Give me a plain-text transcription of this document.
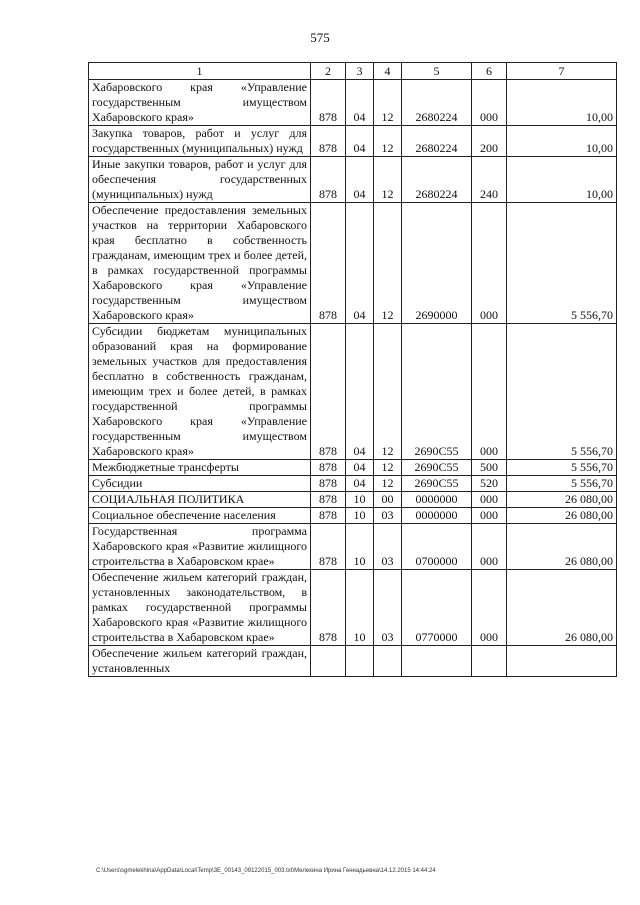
575
1	2	3	4	5	6	7
Хабаровского края «Управление государственным имуществом Хабаровского края»	878	04	12	2680224	000	10,00
Закупка товаров, работ и услуг для государственных (муниципальных) нужд	878	04	12	2680224	200	10,00
Иные закупки товаров, работ и услуг для обеспечения государственных (муниципальных) нужд	878	04	12	2680224	240	10,00
Обеспечение предоставления земельных участков на территории Хабаровского края бесплатно в собственность гражданам, имеющим трех и более детей, в рамках государственной программы Хабаровского края «Управление государственным имуществом Хабаровского края»	878	04	12	2690000	000	5 556,70
Субсидии бюджетам муниципальных образований края на формирование земельных участков для предоставления бесплатно в собственность гражданам, имеющим трех и более детей, в рамках государственной программы Хабаровского края «Управление государственным имуществом Хабаровского края»	878	04	12	2690C55	000	5 556,70
Межбюджетные трансферты	878	04	12	2690C55	500	5 556,70
Субсидии	878	04	12	2690C55	520	5 556,70
СОЦИАЛЬНАЯ ПОЛИТИКА	878	10	00	0000000	000	26 080,00
Социальное обеспечение населения	878	10	03	0000000	000	26 080,00
Государственная программа Хабаровского края «Развитие жилищного строительства в Хабаровском крае»	878	10	03	0700000	000	26 080,00
Обеспечение жильем категорий граждан, установленных законодательством, в рамках государственной программы Хабаровского края «Развитие жилищного строительства в Хабаровском крае»	878	10	03	0770000	000	26 080,00
Обеспечение жильем категорий граждан, установленных						
C:\Users\sgmelekhina\AppData\Local\Temp\3E_00143_09122015_003.txt\Мелехина Ирина Геннадьевна\14.12.2015 14:44:24
